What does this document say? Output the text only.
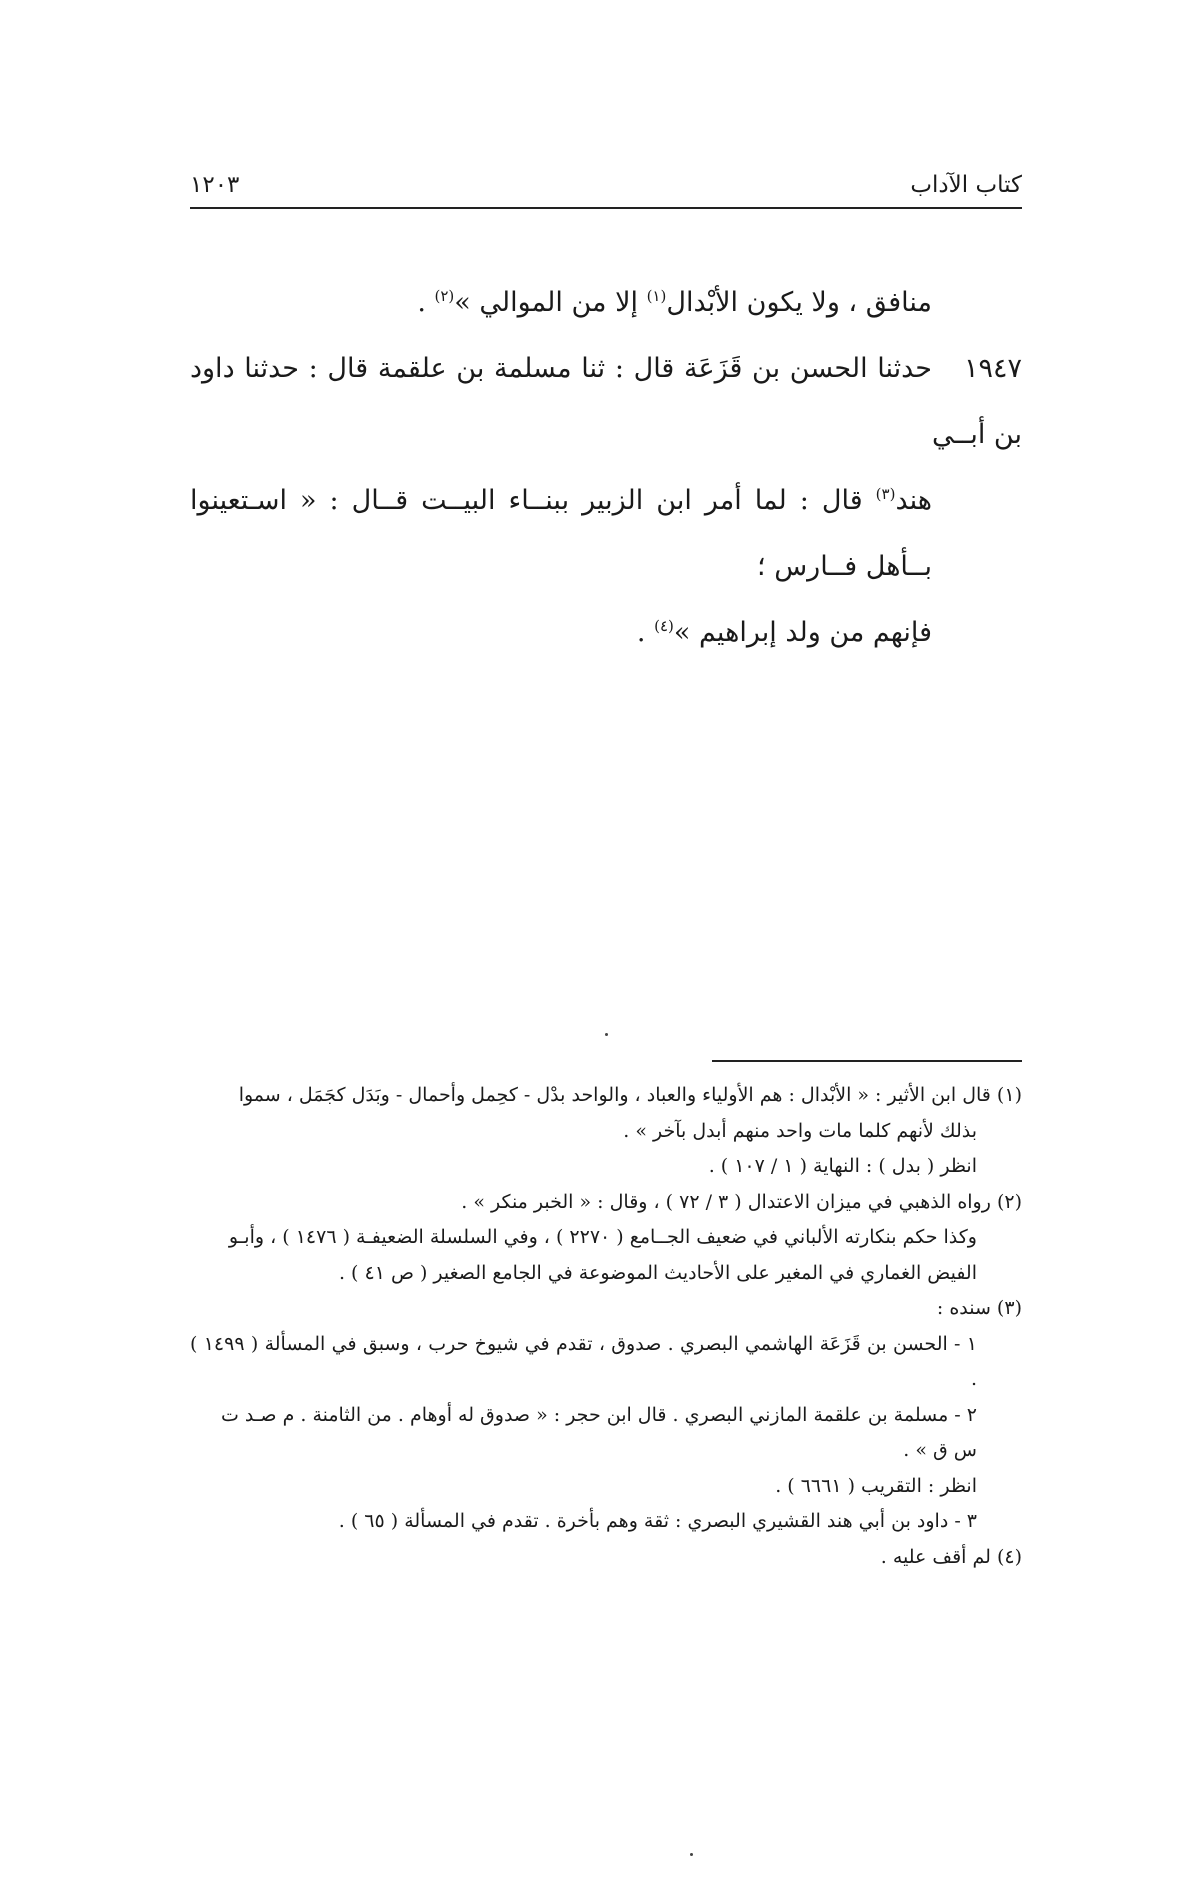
كتاب الآداب
١٢٠٣

منافق ، ولا يكون الأبْدال$^{(١)}$ إلا من الموالي »$^{(٢)}$ .

١٩٤٧حدثنا الحسن بن قَزَعَة قال : ثنا مسلمة بن علقمة قال : حدثنا داود بن أبــي

هند$^{(٣)}$ قال : لما أمر ابن الزبير ببنــاء البيــت قــال : « اسـتعينوا بــأهل فــارس ؛

فإنهم من ولد إبراهيم »$^{(٤)}$ .

(١) قال ابن الأثير : « الأبْدال : هم الأولياء والعباد ، والواحد بدْل - كحِمل وأحمال - وبَدَل كجَمَل ، سموا

بذلك لأنهم كلما مات واحد منهم أبدل بآخر » .

انظر ( بدل ) : النهاية ( ١ / ١٠٧ ) .

(٢) رواه الذهبي في ميزان الاعتدال ( ٣ / ٧٢ ) ، وقال : « الخبر منكر » .

وكذا حكم بنكارته الألباني في ضعيف الجــامع ( ٢٢٧٠ ) ، وفي السلسلة الضعيفـة ( ١٤٧٦ ) ، وأبـو

الفيض الغماري في المغير على الأحاديث الموضوعة في الجامع الصغير ( ص ٤١ ) .

(٣) سنده :

١ - الحسن بن قَزَعَة الهاشمي البصري . صدوق ، تقدم في شيوخ حرب ، وسبق في المسألة ( ١٤٩٩ ) .

٢ - مسلمة بن علقمة المازني البصري . قال ابن حجر : « صدوق له أوهام . من الثامنة . م صـد ت

س ق » .

انظر : التقريب ( ٦٦٦١ ) .

٣ - داود بن أبي هند القشيري البصري : ثقة وهم بأخرة . تقدم في المسألة ( ٦٥ ) .

(٤) لم أقف عليه .
